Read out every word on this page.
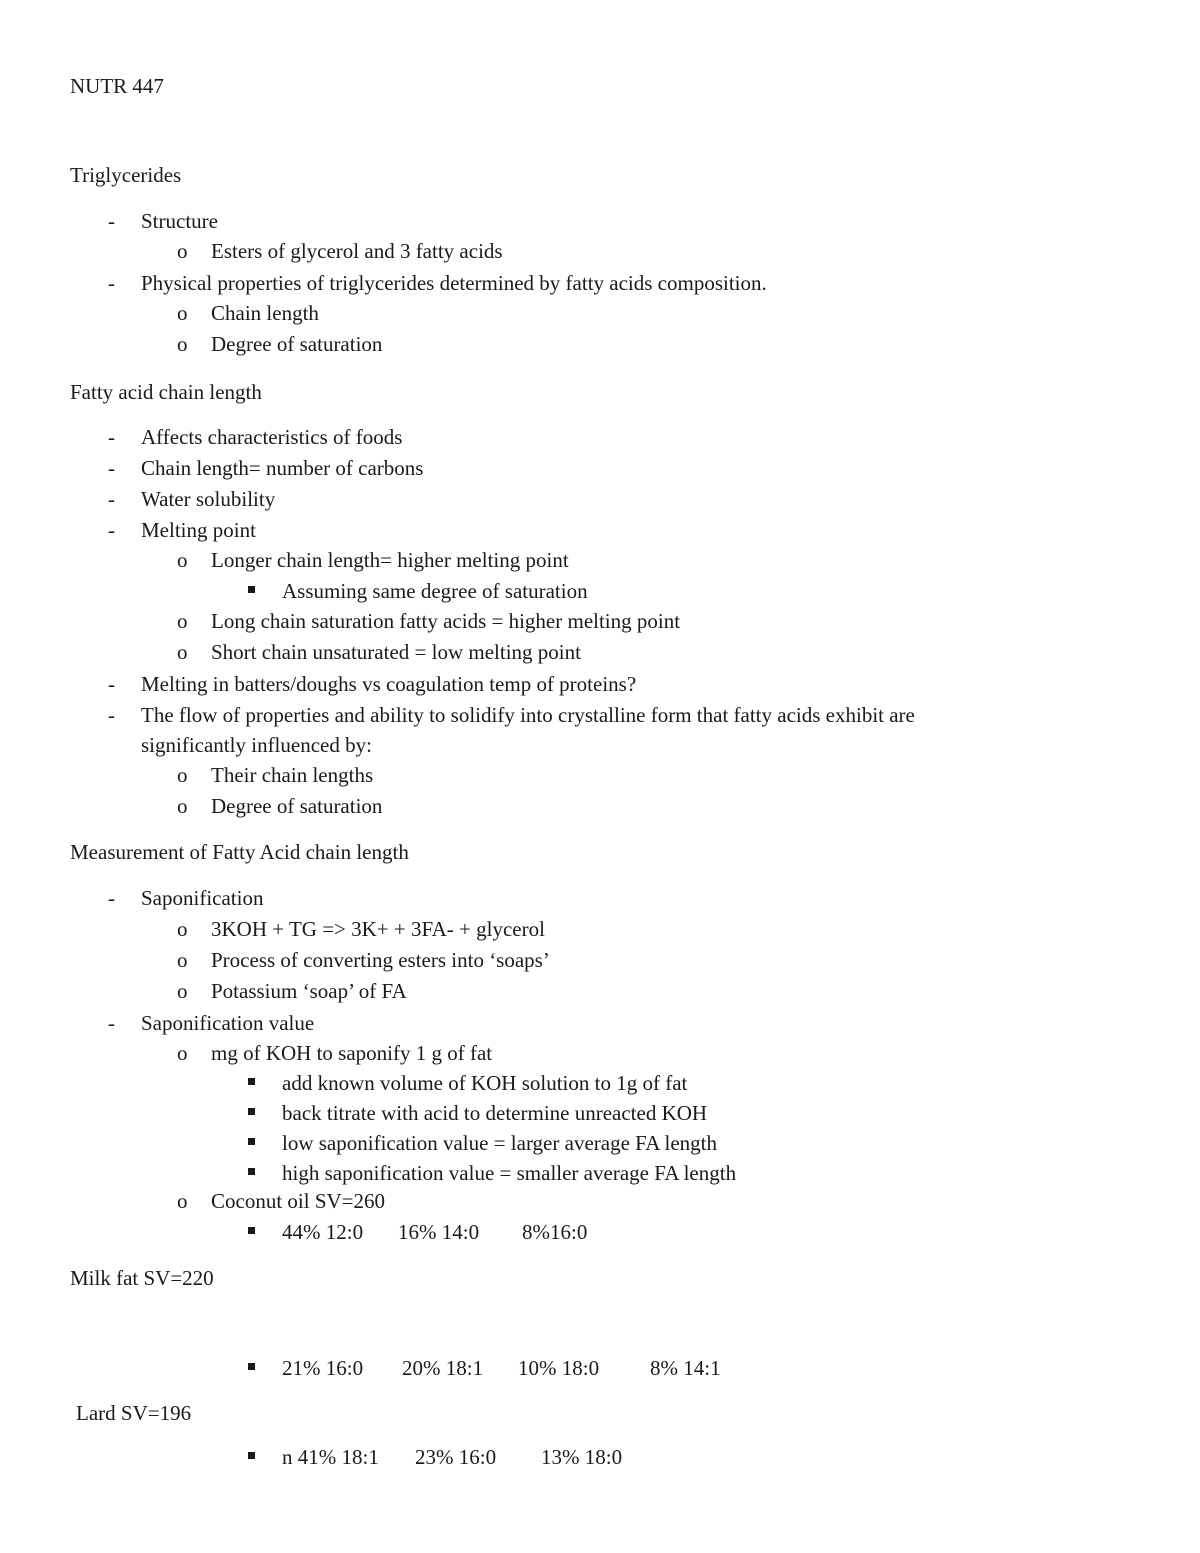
NUTR 447
Triglycerides
- Structure
o Esters of glycerol and 3 fatty acids
- Physical properties of triglycerides determined by fatty acids composition.
o Chain length
o Degree of saturation
Fatty acid chain length
- Affects characteristics of foods
- Chain length= number of carbons
- Water solubility
- Melting point
o Longer chain length= higher melting point
Assuming same degree of saturation
o Long chain saturation fatty acids = higher melting point
o Short chain unsaturated = low melting point
- Melting in batters/doughs vs coagulation temp of proteins?
- The flow of properties and ability to solidify into crystalline form that fatty acids exhibit are
significantly influenced by:
o Their chain lengths
o Degree of saturation
Measurement of Fatty Acid chain length
- Saponification
o 3KOH + TG => 3K+ + 3FA- + glycerol
o Process of converting esters into ‘soaps’
o Potassium ‘soap’ of FA
- Saponification value
o mg of KOH to saponify 1 g of fat
add known volume of KOH solution to 1g of fat
back titrate with acid to determine unreacted KOH
low saponification value = larger average FA length
high saponification value = smaller average FA length
o Coconut oil SV=260
44% 12:0 16% 14:0 8%16:0
Milk fat SV=220
21% 16:0 20% 18:1 10% 18:0 8% 14:1
Lard SV=196
n 41% 18:1 23% 16:0 13% 18:0
